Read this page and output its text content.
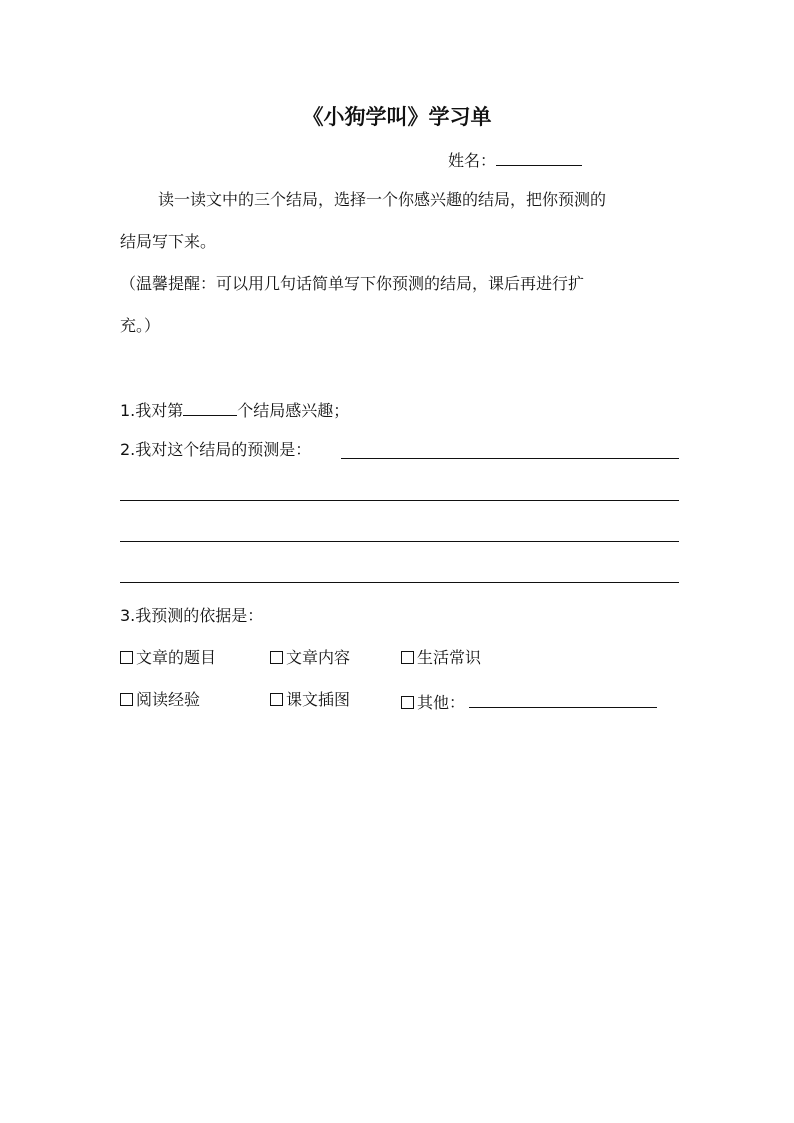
《小狗学叫》学习单
姓名：
读一读文中的三个结局，选择一个你感兴趣的结局，把你预测的
结局写下来。
（温馨提醒：可以用几句话简单写下你预测的结局，课后再进行扩
充。）
1.我对第	个结局感兴趣；
2.我对这个结局的预测是：
3.我预测的依据是：
文章的题目	文章内容	生活常识
阅读经验	课文插图	其他：
